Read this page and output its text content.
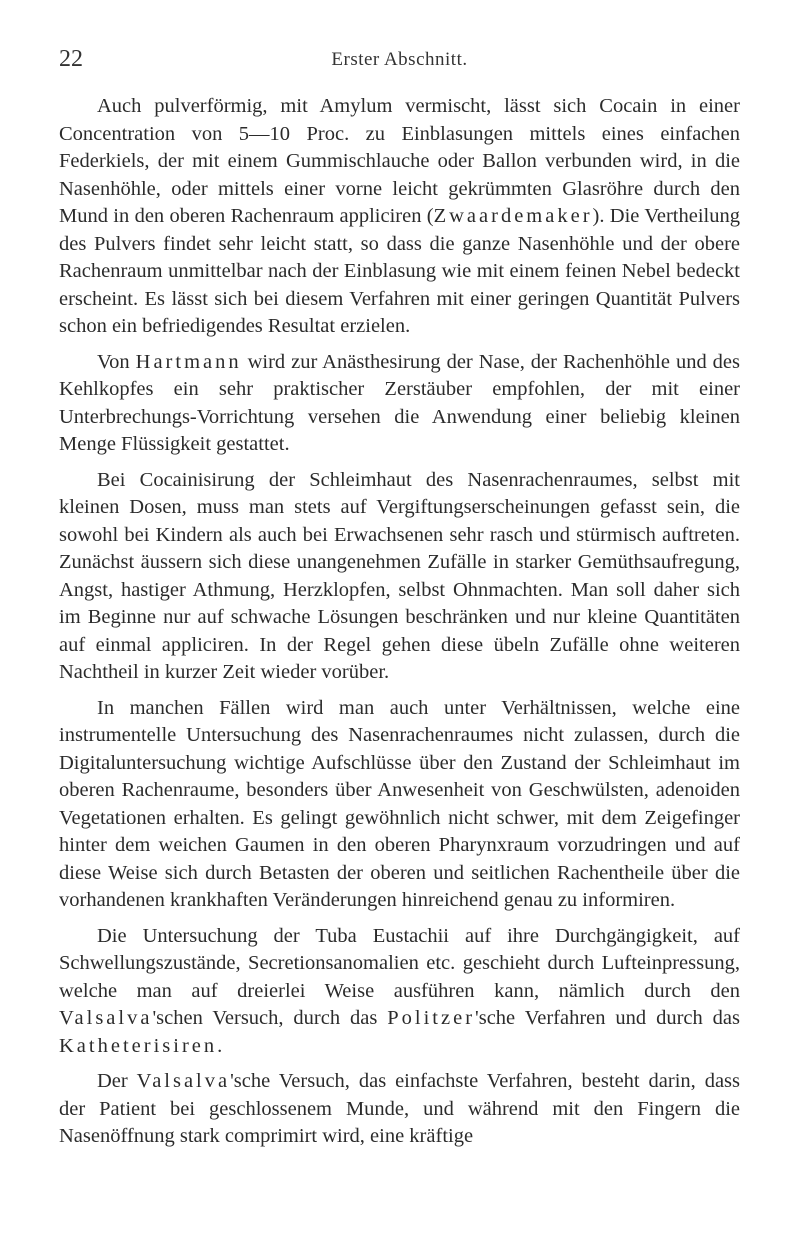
22	Erster Abschnitt.

Auch pulverförmig, mit Amylum vermischt, lässt sich Cocain in einer Concentration von 5—10 Proc. zu Einblasungen mittels eines einfachen Federkiels, der mit einem Gummischlauche oder Ballon verbunden wird, in die Nasenhöhle, oder mittels einer vorne leicht gekrümmten Glasröhre durch den Mund in den oberen Rachenraum appliciren (Zwaardemaker). Die Vertheilung des Pulvers findet sehr leicht statt, so dass die ganze Nasenhöhle und der obere Rachenraum unmittelbar nach der Einblasung wie mit einem feinen Nebel bedeckt erscheint. Es lässt sich bei diesem Verfahren mit einer geringen Quantität Pulvers schon ein befriedigendes Resultat erzielen.

Von Hartmann wird zur Anästhesirung der Nase, der Rachenhöhle und des Kehlkopfes ein sehr praktischer Zerstäuber empfohlen, der mit einer Unterbrechungs-Vorrichtung versehen die Anwendung einer beliebig kleinen Menge Flüssigkeit gestattet.

Bei Cocainisirung der Schleimhaut des Nasenrachenraumes, selbst mit kleinen Dosen, muss man stets auf Vergiftungserscheinungen gefasst sein, die sowohl bei Kindern als auch bei Erwachsenen sehr rasch und stürmisch auftreten. Zunächst äussern sich diese unangenehmen Zufälle in starker Gemüthsaufregung, Angst, hastiger Athmung, Herzklopfen, selbst Ohnmachten. Man soll daher sich im Beginne nur auf schwache Lösungen beschränken und nur kleine Quantitäten auf einmal appliciren. In der Regel gehen diese übeln Zufälle ohne weiteren Nachtheil in kurzer Zeit wieder vorüber.

In manchen Fällen wird man auch unter Verhältnissen, welche eine instrumentelle Untersuchung des Nasenrachenraumes nicht zulassen, durch die Digitaluntersuchung wichtige Aufschlüsse über den Zustand der Schleimhaut im oberen Rachenraume, besonders über Anwesenheit von Geschwülsten, adenoiden Vegetationen erhalten. Es gelingt gewöhnlich nicht schwer, mit dem Zeigefinger hinter dem weichen Gaumen in den oberen Pharynxraum vorzudringen und auf diese Weise sich durch Betasten der oberen und seitlichen Rachentheile über die vorhandenen krankhaften Veränderungen hinreichend genau zu informiren.

Die Untersuchung der Tuba Eustachii auf ihre Durchgängigkeit, auf Schwellungszustände, Secretionsanomalien etc. geschieht durch Lufteinpressung, welche man auf dreierlei Weise ausführen kann, nämlich durch den Valsalva'schen Versuch, durch das Politzer'sche Verfahren und durch das Katheterisiren.

Der Valsalva'sche Versuch, das einfachste Verfahren, besteht darin, dass der Patient bei geschlossenem Munde, und während mit den Fingern die Nasenöffnung stark comprimirt wird, eine kräftige
